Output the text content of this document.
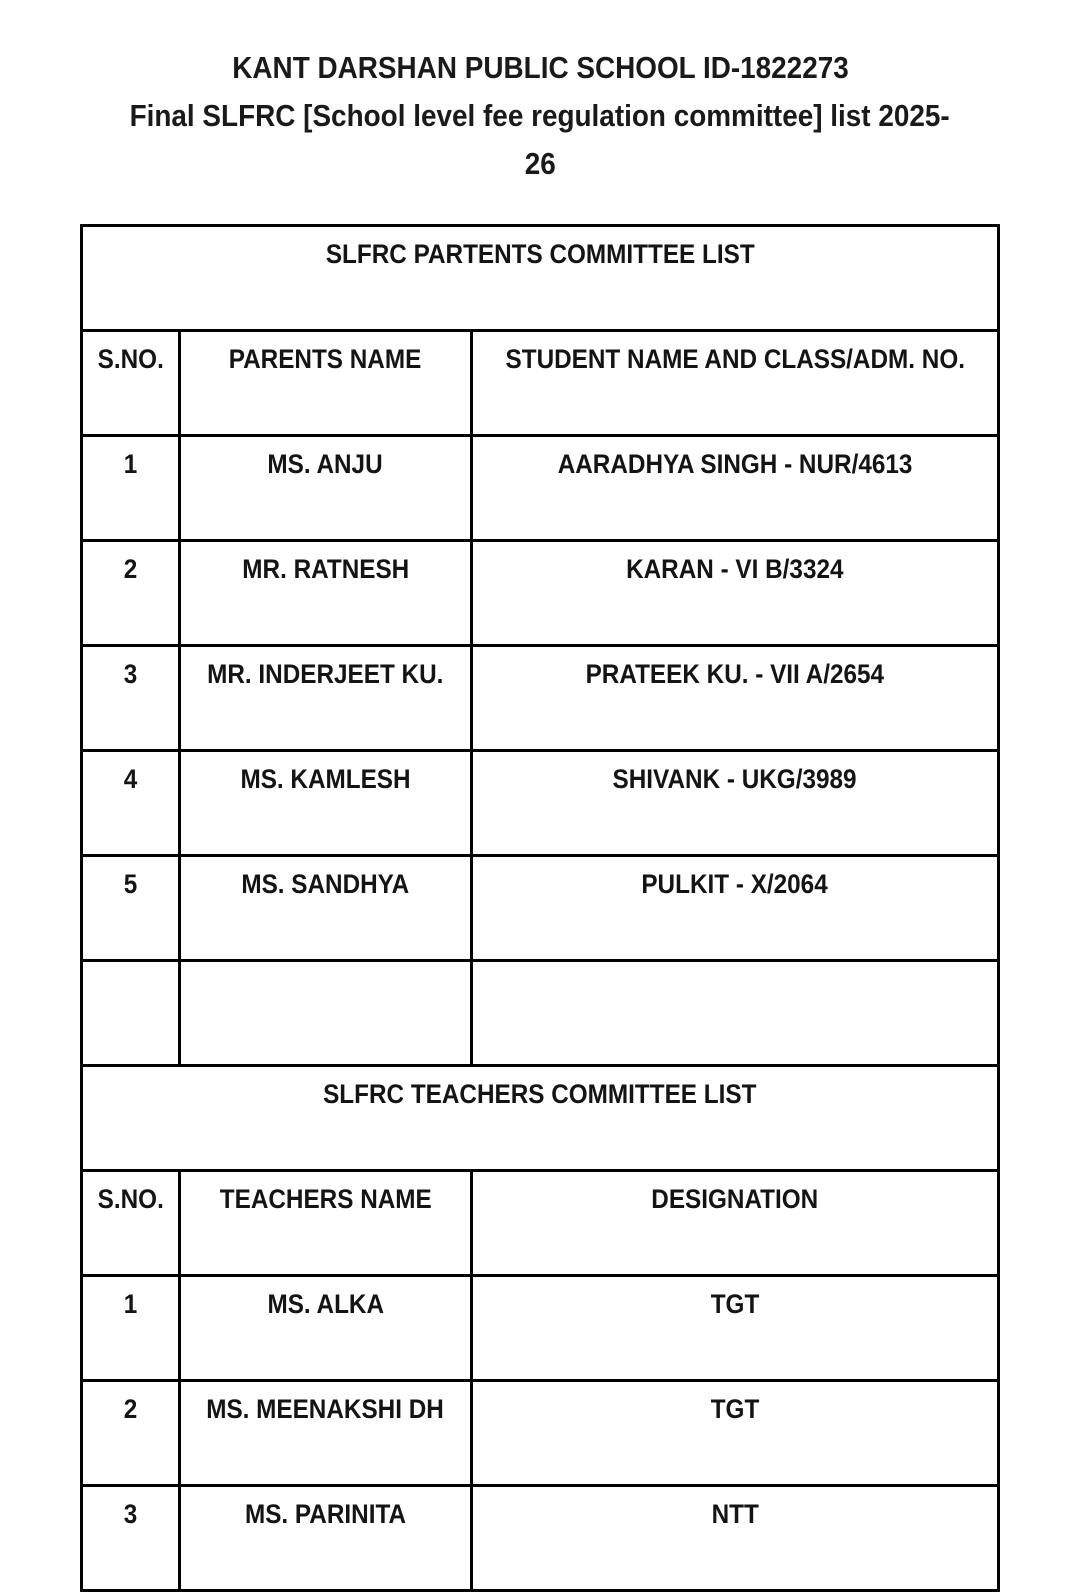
KANT DARSHAN PUBLIC SCHOOL ID-1822273
Final SLFRC [School level fee regulation committee] list 2025-
26
SLFRC PARTENTS COMMITTEE LIST		
S.NO.	PARENTS NAME	STUDENT NAME AND CLASS/ADM. NO.
1	MS. ANJU	AARADHYA SINGH - NUR/4613
2	MR. RATNESH	KARAN - VI B/3324
3	MR. INDERJEET KU.	PRATEEK KU. - VII A/2654
4	MS. KAMLESH	SHIVANK - UKG/3989
5	MS. SANDHYA	PULKIT - X/2064

SLFRC TEACHERS COMMITTEE LIST		
S.NO.	TEACHERS NAME	DESIGNATION
1	MS. ALKA	TGT
2	MS. MEENAKSHI DH	TGT
3	MS. PARINITA	NTT
